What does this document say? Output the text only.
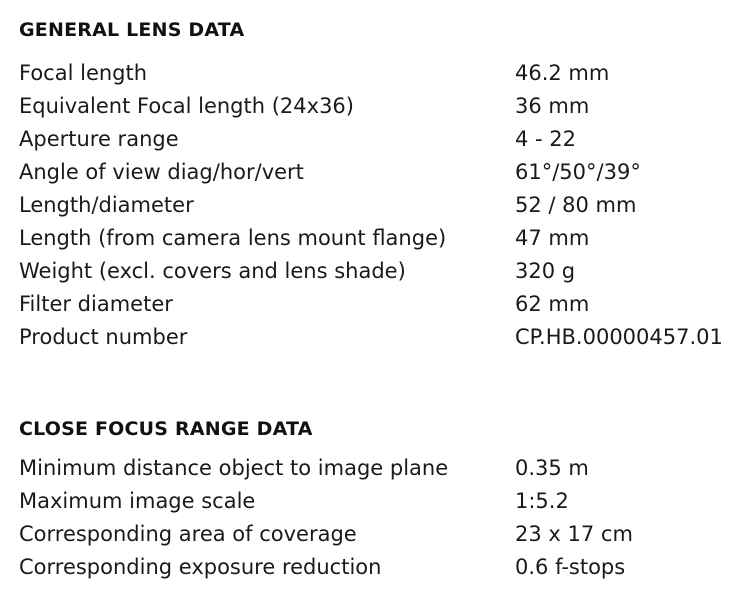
GENERAL LENS DATA
Focal length	46.2 mm
Equivalent Focal length (24x36)	36 mm
Aperture range	4 - 22
Angle of view diag/hor/vert	61°/50°/39°
Length/diameter	52 / 80 mm
Length (from camera lens mount flange)	47 mm
Weight (excl. covers and lens shade)	320 g
Filter diameter	62 mm
Product number	CP.HB.00000457.01
CLOSE FOCUS RANGE DATA
Minimum distance object to image plane	0.35 m
Maximum image scale	1:5.2
Corresponding area of coverage	23 x 17 cm
Corresponding exposure reduction	0.6 f-stops
